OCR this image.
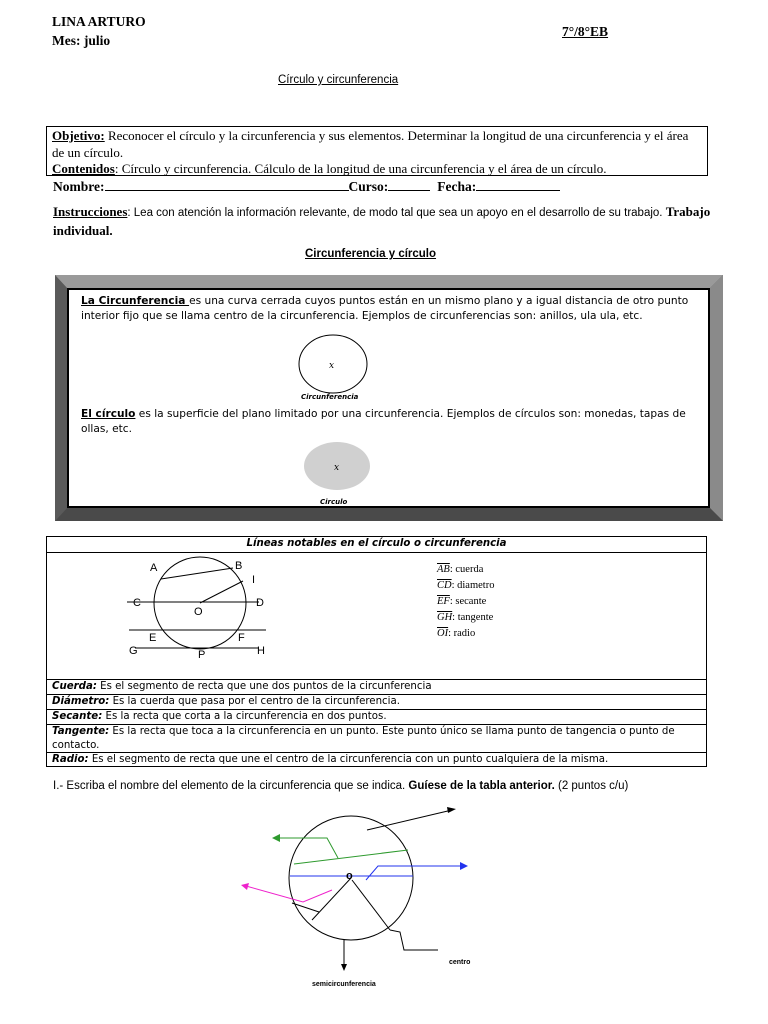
LINA ARTURO
Mes: julio
7°/8°EB
Círculo y circunferencia
Objetivo: Reconocer el círculo y la circunferencia y sus elementos. Determinar la longitud de una circunferencia y el área de un círculo.
Contenidos: Círculo y circunferencia. Cálculo de la longitud de una circunferencia y el área de un círculo.
Nombre:	Curso:	Fecha:
Instrucciones: Lea con atención la información relevante, de modo tal que sea un apoyo en el desarrollo de su trabajo. Trabajo individual.
Circunferencia y círculo
La Circunferencia es una curva cerrada cuyos puntos están en un mismo plano y a igual distancia de otro punto interior fijo que se llama centro de la circunferencia. Ejemplos de circunferencias son: anillos, ula ula, etc.
x
Circunferencia
El círculo es la superficie del plano limitado por una circunferencia. Ejemplos de círculos son: monedas, tapas de ollas, etc.
x
Circulo
Líneas notables en el círculo o circunferencia
A	B
I
C
O
D
E	F
G	P	H
$\overline{AB}$: cuerda
$\overline{CD}$: diametro
$\overline{EF}$: secante
$\overline{GH}$: tangente
$\overline{OI}$: radio
Cuerda: Es el segmento de recta que une dos puntos de la circunferencia
Diámetro: Es la cuerda que pasa por el centro de la circunferencia.
Secante: Es la recta que corta a la circunferencia en dos puntos.
Tangente: Es la recta que toca a la circunferencia en un punto. Este punto único se llama punto de tangencia o punto de contacto.
Radio: Es el segmento de recta que une el centro de la circunferencia con un punto cualquiera de la misma.
I.- Escriba el nombre del elemento de la circunferencia que se indica. Guíese de la tabla anterior. (2 puntos c/u)
o
centro
semicircunferencia
